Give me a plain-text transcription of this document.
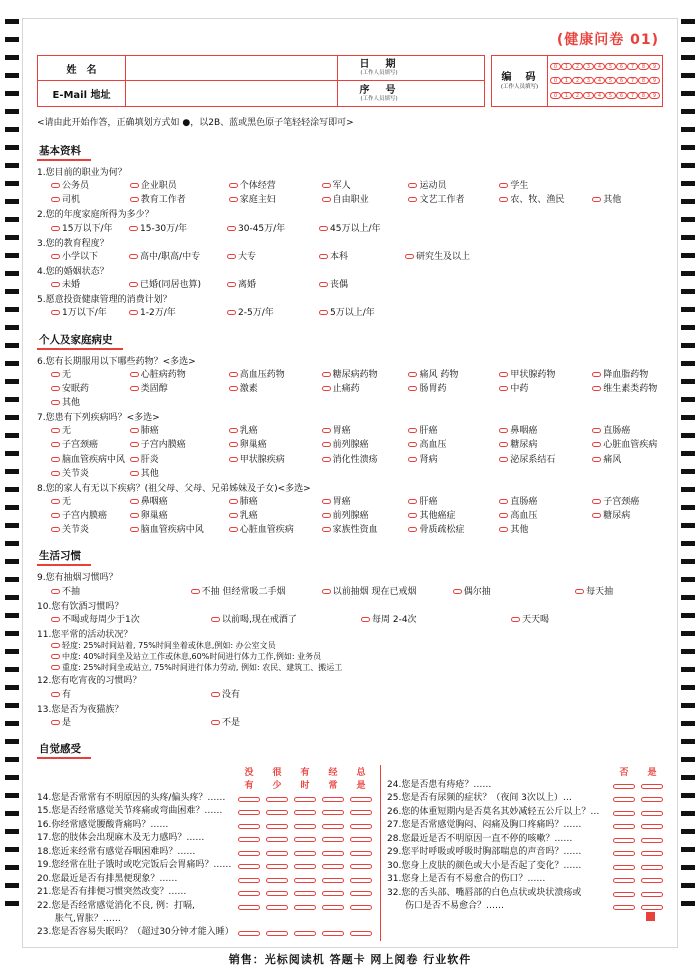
(健康问卷 01)
姓　名	日　期
(工作人员填写)
E-Mail 地址	序　号
(工作人员填写)
编　码
(工作人员填写)
0	1	2	3	4	5	6	7	8	9
0	1	2	3	4	5	6	7	8	9
0	1	2	3	4	5	6	7	8	9
<请由此开始作答，正确填划方式如 ●，以2B、蓝或黑色原子笔轻轻涂写即可>
基本资料
1.您目前的职业为何？
公务员	企业职员	个体经营	军人	运动员	学生	
司机	教育工作者	家庭主妇	自由职业	文艺工作者	农、牧、渔民	其他
2.您的年度家庭所得为多少？
15万以下/年	15-30万/年	30-45万/年	45万以上/年			
3.您的教育程度？
小学以下	高中/职高/中专	大专	本科	研究生及以上		
4.您的婚姻状态？
未婚	已婚(同居也算)	离婚	丧偶			
5.愿意投资健康管理的消费计划？
1万以下/年	1-2万/年	2-5万/年	5万以上/年			
个人及家庭病史
6.您有长期服用以下哪些药物？<多选>
无	心脏病药物	高血压药物	糖尿病药物	痛风 药物	甲状腺药物	降血脂药物
安眠药	类固醇	激素	止痛药	肠胃药	中药	维生素类药物
其他						
7.您患有下列疾病吗？<多选>
无	肺癌	乳癌	胃癌	肝癌	鼻咽癌	直肠癌
子宫颈癌	子宫内膜癌	卵巢癌	前列腺癌	高血压	糖尿病	心脏血管疾病
脑血管疾病中风	肝炎	甲状腺疾病	消化性溃疡	肾病	泌尿系结石	痛风
关节炎	其他					
8.您的家人有无以下疾病？(祖父母、父母、兄弟姊妹及子女)<多选>
无	鼻咽癌	肺癌	胃癌	肝癌	直肠癌	子宫颈癌
子宫内膜癌	卵巢癌	乳癌	前列腺癌	其他癌症	高血压	糖尿病
关节炎	脑血管疾病中风	心脏血管疾病	家族性资血	骨质疏松症	其他	
生活习惯
9.您有抽烟习惯吗？
不抽	不抽 但经常吸二手烟	以前抽烟 现在已戒烟	偶尔抽	每天抽
10.您有饮酒习惯吗？
不喝或每周少于1次	以前喝,现在戒酒了	每周 2-4次	天天喝	
11.您平常的活动状况？
轻度: 25%时间站着, 75%时间坐着或休息,例如: 办公室文员
中度: 40%时间坐及站立工作或休息,60%时间进行体力工作,例如: 业务员
重度: 25%时间坐或站立, 75%时间进行体力劳动, 例如: 农民、建筑工、搬运工
12.您有吃宵夜的习惯吗？
有	没有			
13.您是否为夜猫族？
是	不是			
自觉感受
没	很	有	经	总
有	少	时	常	是
14.您是否常常有不明原因的头疼/偏头疼？……
15.您是否经常感觉关节疼痛或弯曲困难？……
16.你经常感觉腰酸背痛吗？……
17.您的肢体会出现麻木及无力感吗？……
18.您近来经常有感觉吞咽困难吗？……
19.您经常在肚子饿时或吃完饭后会胃痛吗？……
20.您最近是否有排黑便现象？……
21.您是否有排便习惯突然改变？……
22.您是否经常感觉消化不良, 例：打嗝,
　　胀气,胃胀？……
23.您是否容易失眠吗？（超过30分钟才能入睡）
否	是
24.您是否患有痔疮？……
25.您是否有尿频的症状？（夜间 3次以上）…
26.您的体重短期内是否莫名其妙减轻五公斤以上？…
27.您是否常感觉胸闷、闷痛及胸口疼痛吗？……
28.您最近是否不明原因一直不停的咳嗽？……
29.您平时呼吸或呼吸时胸部喘息的声音吗？……
30.您身上皮肤的颜色或大小是否起了变化？……
31.您身上是否有不易愈合的伤口？……
32.您的舌头部、嘴唇部的白色点状或块状溃疡或
　　伤口是否不易愈合？……
销售：光标阅读机 答题卡 网上阅卷 行业软件
